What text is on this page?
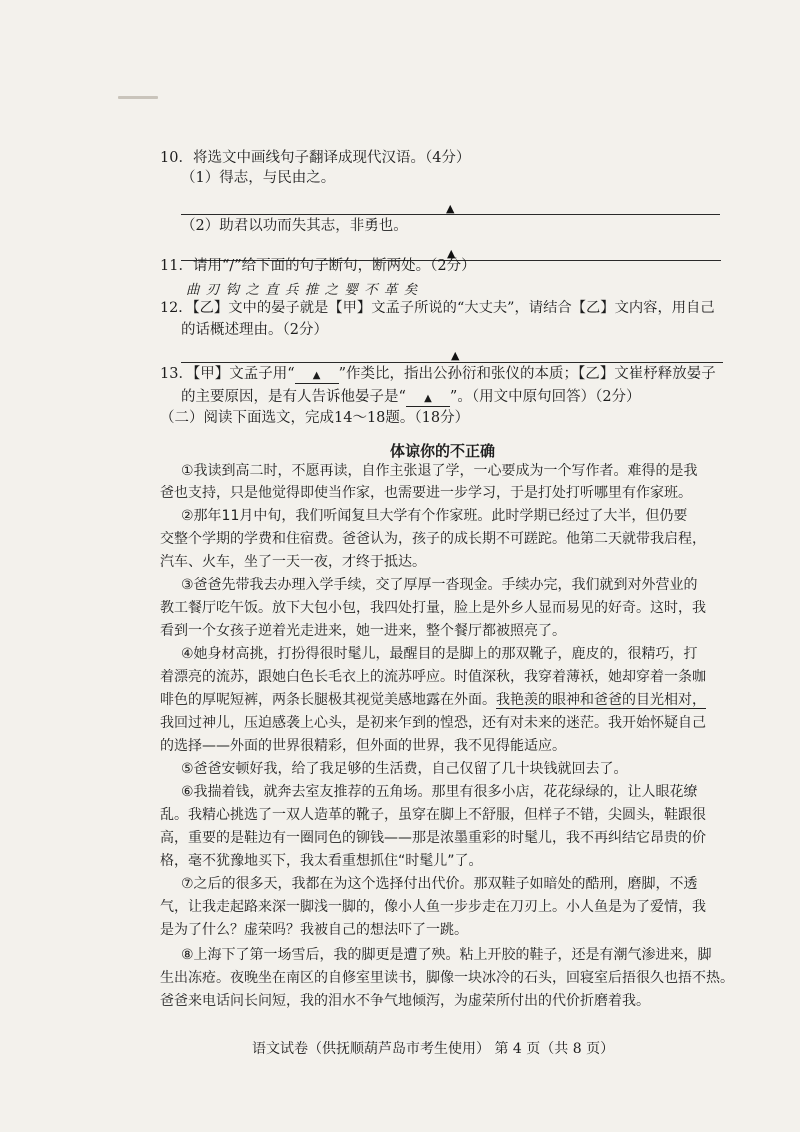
10．将选文中画线句子翻译成现代汉语。（4分）
（1）得志，与民由之。
▲
（2）助君以功而失其志，非勇也。
▲
11．请用“/”给下面的句子断句，断两处。（2分）
曲 刃 钩 之 直 兵 推 之 婴 不 革 矣
12．【乙】文中的晏子就是【甲】文孟子所说的“大丈夫”，请结合【乙】文内容，用自己
的话概述理由。（2分）
▲
13．【甲】文孟子用“ ▲ ”作类比，指出公孙衍和张仪的本质；【乙】文崔杼释放晏子
的主要原因，是有人告诉他晏子是“ ▲ ”。（用文中原句回答）（2分）
（二）阅读下面选文，完成14～18题。（18分）
体谅你的不正确
①我读到高二时，不愿再读，自作主张退了学，一心要成为一个写作者。难得的是我
爸也支持，只是他觉得即使当作家，也需要进一步学习，于是打处打听哪里有作家班。
②那年11月中旬，我们听闻复旦大学有个作家班。此时学期已经过了大半，但仍要
交整个学期的学费和住宿费。爸爸认为，孩子的成长期不可蹉跎。他第二天就带我启程，
汽车、火车，坐了一天一夜，才终于抵达。
③爸爸先带我去办理入学手续，交了厚厚一沓现金。手续办完，我们就到对外营业的
教工餐厅吃午饭。放下大包小包，我四处打量，脸上是外乡人显而易见的好奇。这时，我
看到一个女孩子逆着光走进来，她一进来，整个餐厅都被照亮了。
④她身材高挑，打扮得很时髦儿，最醒目的是脚上的那双靴子，鹿皮的，很精巧，打
着漂亮的流苏，跟她白色长毛衣上的流苏呼应。时值深秋，我穿着薄袄，她却穿着一条咖
啡色的厚呢短裤，两条长腿极其视觉美感地露在外面。我艳羡的眼神和爸爸的目光相对，
我回过神儿，压迫感袭上心头，是初来乍到的惶恐，还有对未来的迷茫。我开始怀疑自己
的选择——外面的世界很精彩，但外面的世界，我不见得能适应。
⑤爸爸安顿好我，给了我足够的生活费，自己仅留了几十块钱就回去了。
⑥我揣着钱，就奔去室友推荐的五角场。那里有很多小店，花花绿绿的，让人眼花缭
乱。我精心挑选了一双人造革的靴子，虽穿在脚上不舒服，但样子不错，尖圆头，鞋跟很
高，重要的是鞋边有一圈同色的铆钱——那是浓墨重彩的时髦儿，我不再纠结它昂贵的价
格，毫不犹豫地买下，我太看重想抓住“时髦儿”了。
⑦之后的很多天，我都在为这个选择付出代价。那双鞋子如暗处的酷刑，磨脚，不透
气，让我走起路来深一脚浅一脚的，像小人鱼一步步走在刀刃上。小人鱼是为了爱情，我
是为了什么？虚荣吗？我被自己的想法吓了一跳。
⑧上海下了第一场雪后，我的脚更是遭了殃。粘上开胶的鞋子，还是有潮气渗进来，脚
生出冻疮。夜晚坐在南区的自修室里读书，脚像一块冰冷的石头，回寝室后捂很久也捂不热。
爸爸来电话问长问短，我的泪水不争气地倾泻，为虚荣所付出的代价折磨着我。
语文试卷（供抚顺葫芦岛市考生使用） 第 4 页（共 8 页）
